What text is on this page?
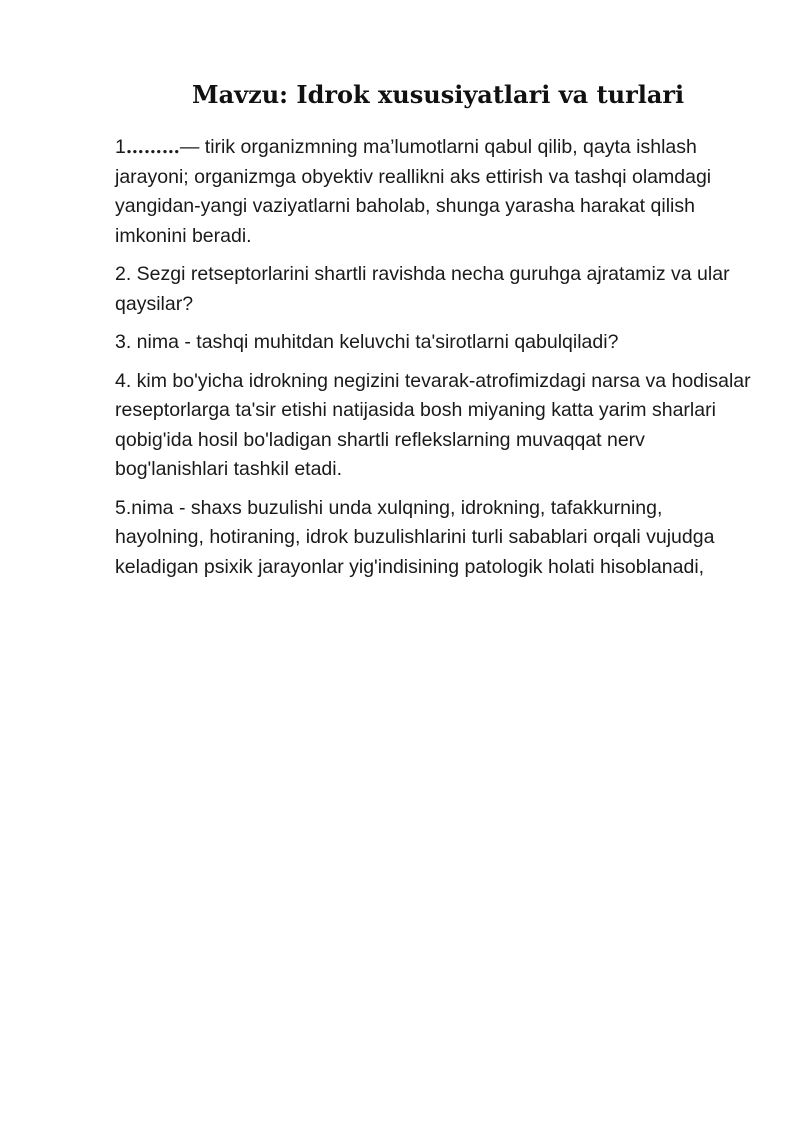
Mavzu: Idrok xususiyatlari va turlari

1………— tirik organizmning ma’lumotlarni qabul qilib, qayta ishlash jarayoni; organizmga obyektiv reallikni aks ettirish va tashqi olamdagi yangidan-yangi vaziyatlarni baholab, shunga yarasha harakat qilish imkonini beradi.

2. Sezgi retseptorlarini shartli ravishda necha guruhga ajratamiz va ular qaysilar?

3. nima - tashqi muhitdan keluvchi ta'sirotlarni qabulqiladi?

4. kim bo'yicha idrokning negizini tevarak-atrofimizdagi narsa va hodisalar reseptorlarga ta'sir etishi natijasida bosh miyaning katta yarim sharlari qobig'ida hosil bo'ladigan shartli reflekslarning muvaqqat nerv bog'lanishlari tashkil etadi.

5.nima - shaxs buzulishi unda xulqning, idrokning, tafakkurning, hayolning, hotiraning, idrok buzulishlarini turli sabablari orqali vujudga keladigan psixik jarayonlar yig'indisining patologik holati hisoblanadi,
